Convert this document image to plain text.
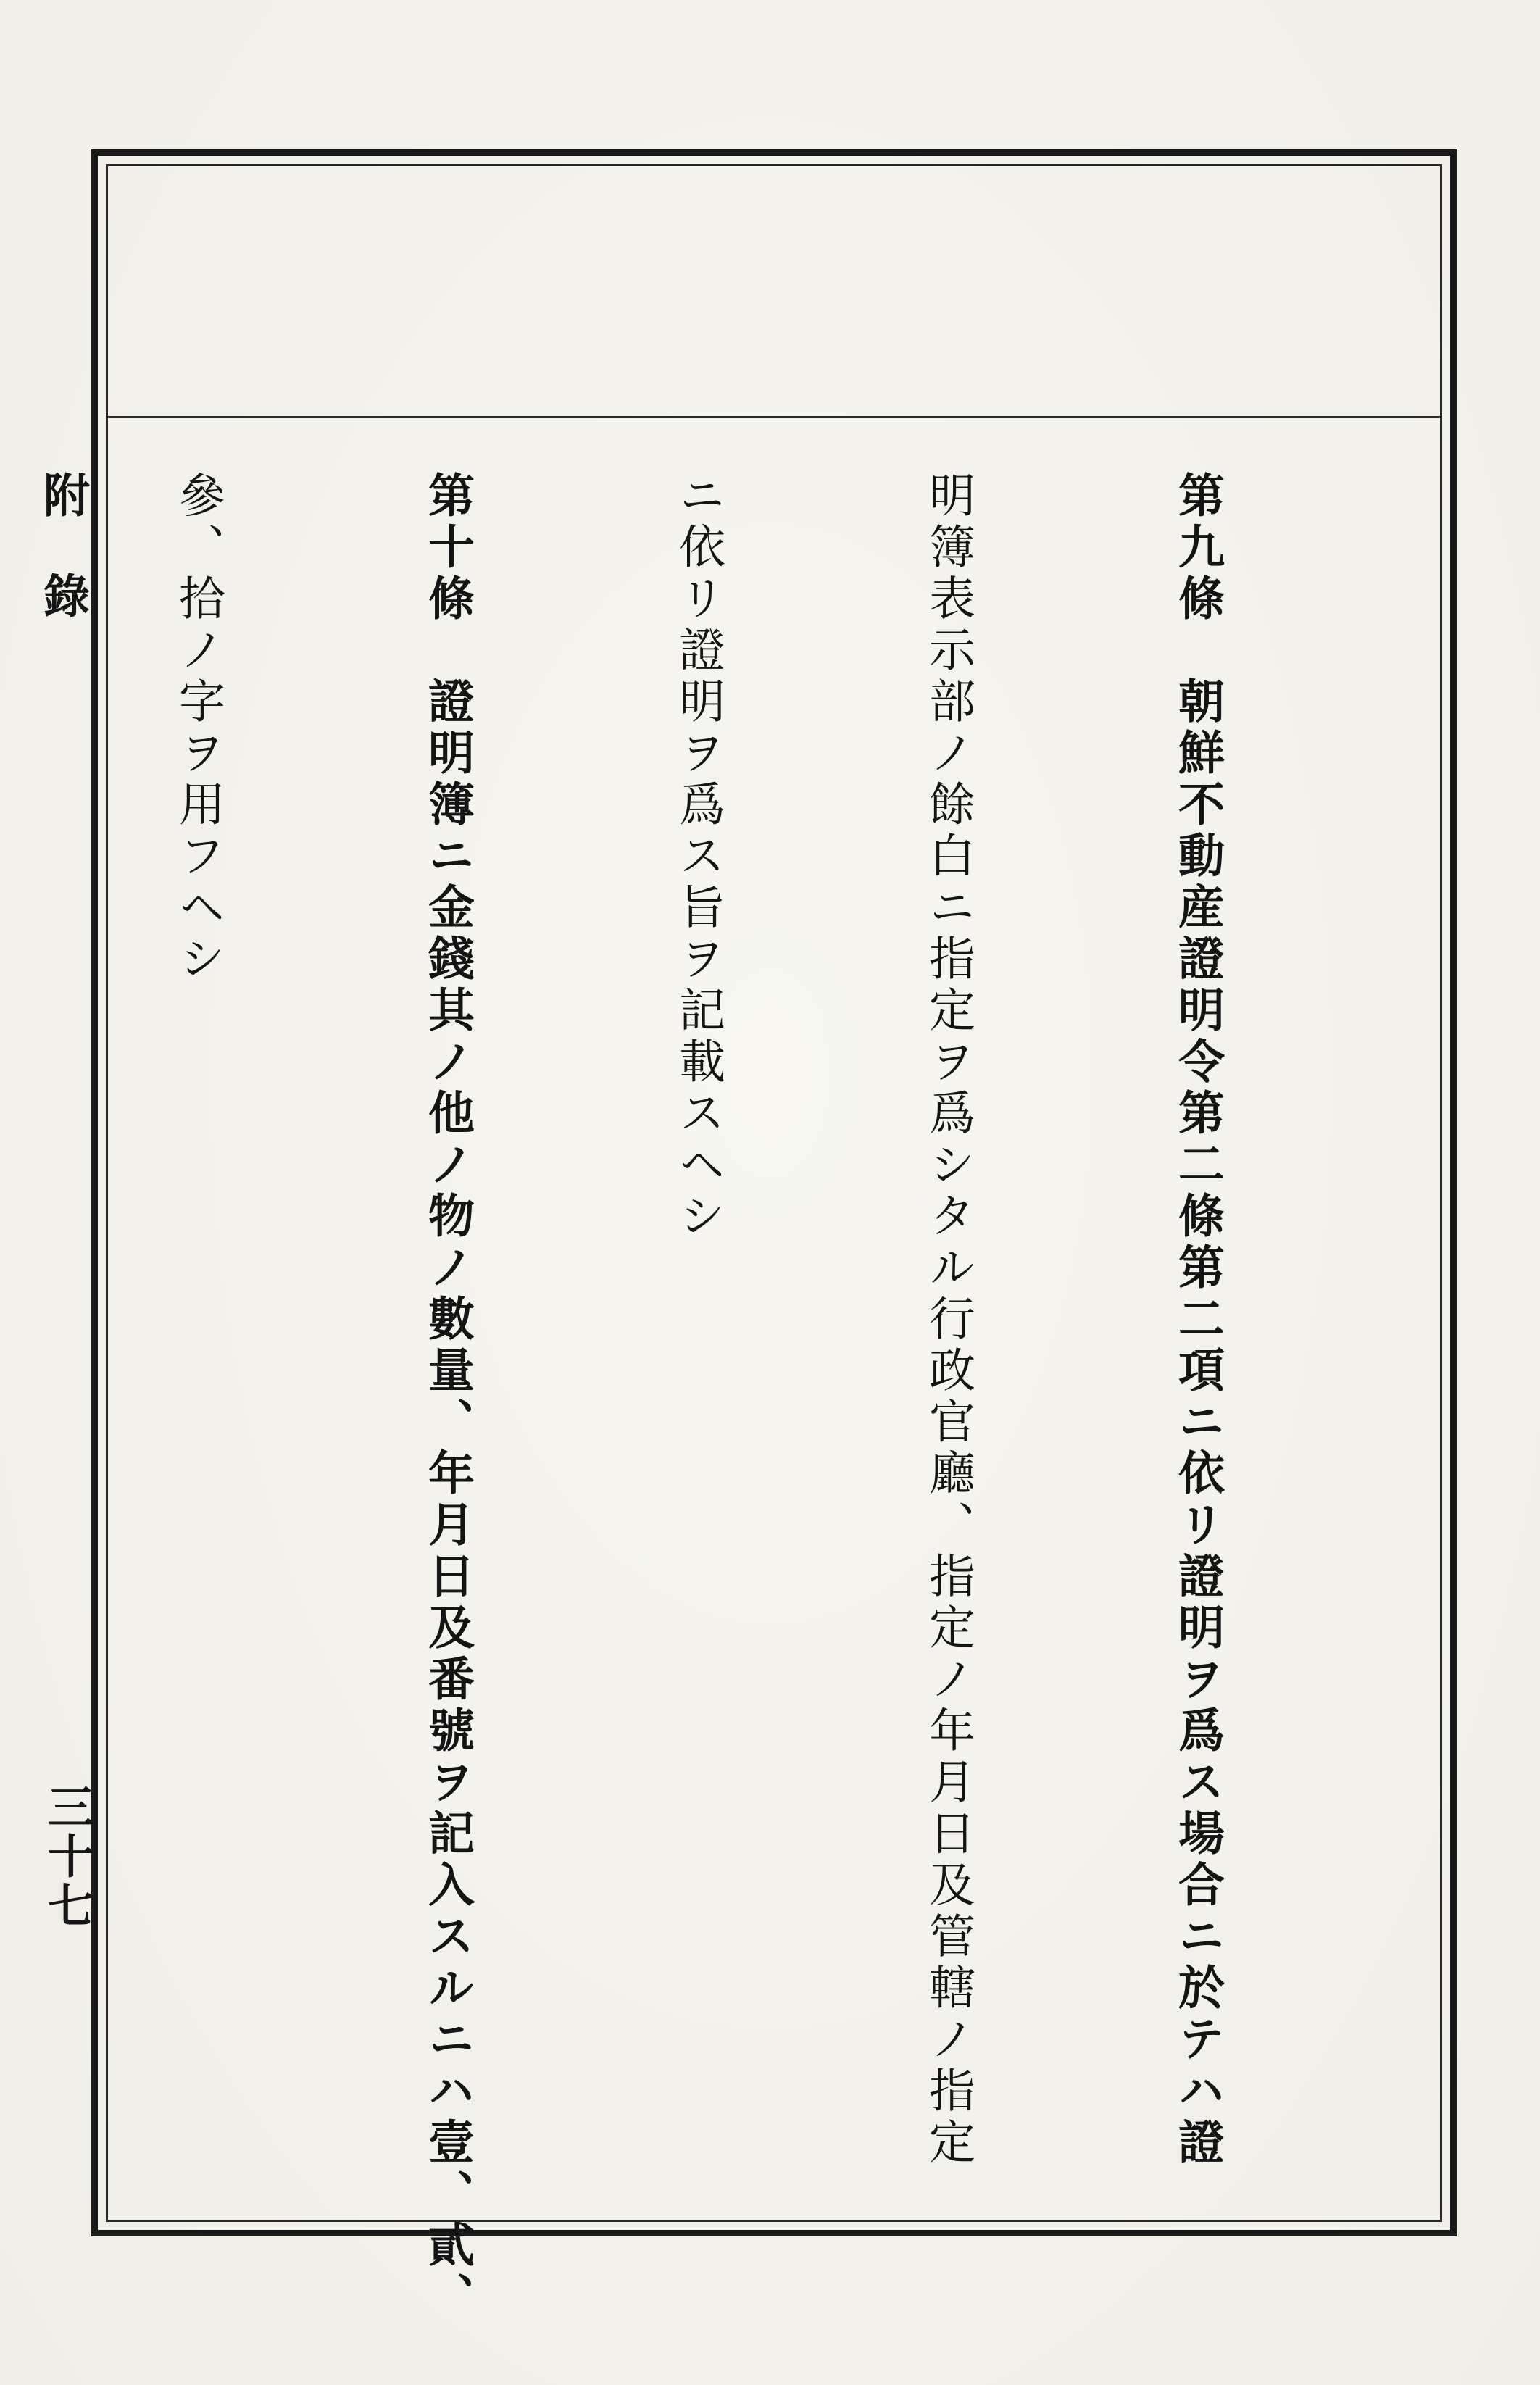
附錄
三十七

	第九條　朝鮮不動産證明令第二條第二項ニ依リ證明ヲ爲ス場合ニ於テハ證

明簿表示部ノ餘白ニ指定ヲ爲シタル行政官廳、指定ノ年月日及管轄ノ指定

ニ依リ證明ヲ爲ス旨ヲ記載スヘシ

第十條　證明簿ニ金錢其ノ他ノ物ノ數量、年月日及番號ヲ記入スルニハ壹、貳、

參、拾ノ字ヲ用フヘシ
